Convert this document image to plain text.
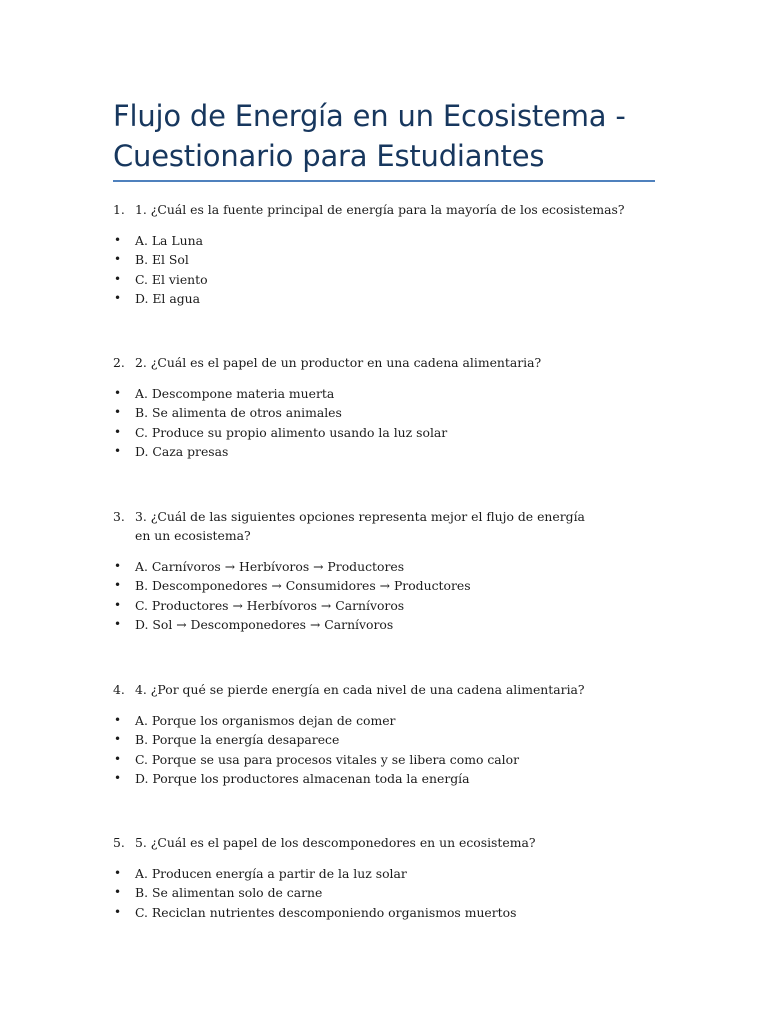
Flujo de Energía en un Ecosistema - Cuestionario para Estudiantes
1. 1. ¿Cuál es la fuente principal de energía para la mayoría de los ecosistemas?
• A. La Luna
• B. El Sol
• C. El viento
• D. El agua
2. 2. ¿Cuál es el papel de un productor en una cadena alimentaria?
• A. Descompone materia muerta
• B. Se alimenta de otros animales
• C. Produce su propio alimento usando la luz solar
• D. Caza presas
3. 3. ¿Cuál de las siguientes opciones representa mejor el flujo de energía en un ecosistema?
• A. Carnívoros → Herbívoros → Productores
• B. Descomponedores → Consumidores → Productores
• C. Productores → Herbívoros → Carnívoros
• D. Sol → Descomponedores → Carnívoros
4. 4. ¿Por qué se pierde energía en cada nivel de una cadena alimentaria?
• A. Porque los organismos dejan de comer
• B. Porque la energía desaparece
• C. Porque se usa para procesos vitales y se libera como calor
• D. Porque los productores almacenan toda la energía
5. 5. ¿Cuál es el papel de los descomponedores en un ecosistema?
• A. Producen energía a partir de la luz solar
• B. Se alimentan solo de carne
• C. Reciclan nutrientes descomponiendo organismos muertos
